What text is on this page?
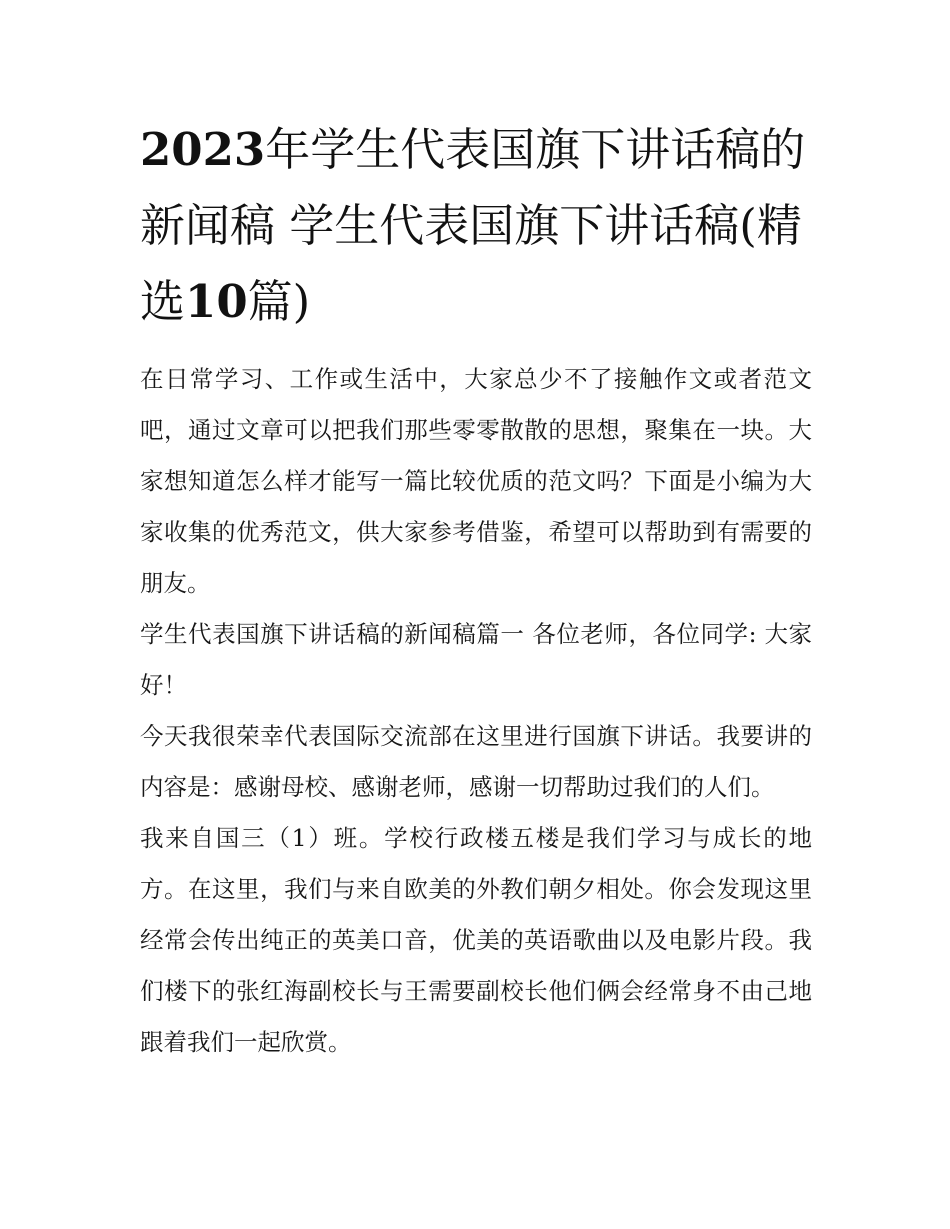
2023年学生代表国旗下讲话稿的新闻稿 学生代表国旗下讲话稿(精选10篇)

在日常学习、工作或生活中，大家总少不了接触作文或者范文吧，通过文章可以把我们那些零零散散的思想，聚集在一块。大家想知道怎么样才能写一篇比较优质的范文吗？下面是小编为大家收集的优秀范文，供大家参考借鉴，希望可以帮助到有需要的朋友。

学生代表国旗下讲话稿的新闻稿篇一 各位老师，各位同学: 大家好！

今天我很荣幸代表国际交流部在这里进行国旗下讲话。我要讲的内容是：感谢母校、感谢老师，感谢一切帮助过我们的人们。

我来自国三（1）班。学校行政楼五楼是我们学习与成长的地方。在这里，我们与来自欧美的外教们朝夕相处。你会发现这里经常会传出纯正的英美口音，优美的英语歌曲以及电影片段。我们楼下的张红海副校长与王需要副校长他们俩会经常身不由己地跟着我们一起欣赏。
